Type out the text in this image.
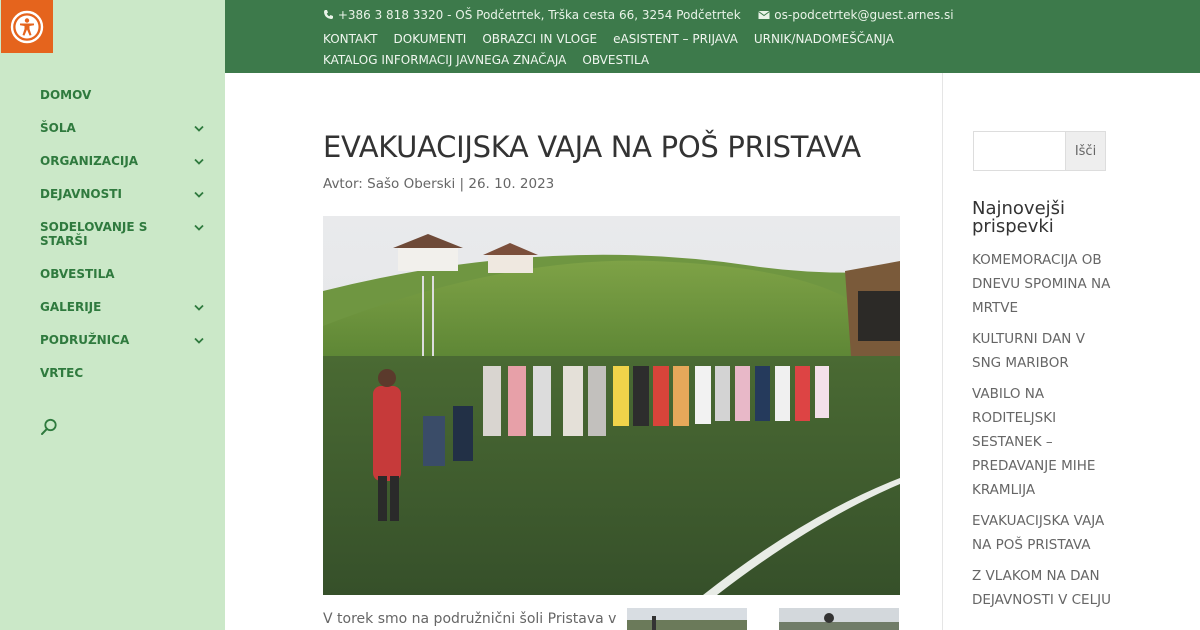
DOMOV
ŠOLA
ORGANIZACIJA
DEJAVNOSTI
SODELOVANJE S STARŠI
OBVESTILA
GALERIJE
PODRUŽNICA
VRTEC
+386 3 818 3320 - OŠ Podčetrtek, Trška cesta 66, 3254 Podčetrtek	os-podcetrtek@guest.arnes.si
KONTAKT DOKUMENTI OBRAZCI IN VLOGE eASISTENT – PRIJAVA URNIK/NADOMEŠČANJAKATALOG INFORMACIJ JAVNEGA ZNAČAJA OBVESTILA
EVAKUACIJSKA VAJA NA POŠ PRISTAVA
Avtor: Sašo Oberski | 26. 10. 2023
V torek smo na podružnični šoli Pristava v
Išči
Najnovejši prispevki
KOMEMORACIJA OB DNEVU SPOMINA NA MRTVE
KULTURNI DAN V SNG MARIBOR
VABILO NA RODITELJSKI SESTANEK – PREDAVANJE MIHE KRAMLIJA
EVAKUACIJSKA VAJA NA POŠ PRISTAVA
Z VLAKOM NA DAN DEJAVNOSTI V CELJU
